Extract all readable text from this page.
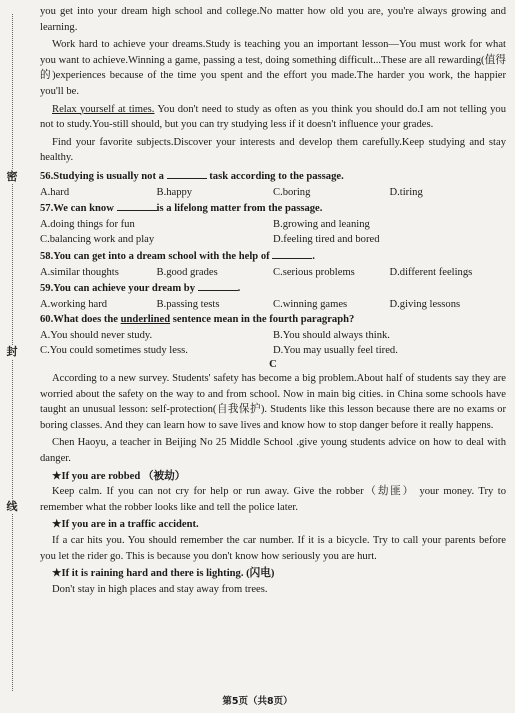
密
封
线

you get into your dream high school and college.No matter how old you are, you're always growing and learning.

Work hard to achieve your dreams.Study is teaching you an important lesson—You must work for what you want to achieve.Winning a game, passing a test, doing something difficult...These are all rewarding(值得的)experiences because of the time you spent and the effort you made.The harder you work, the happier you'll be.

Relax yourself at times. You don't need to study as often as you think you should do.I am not telling you not to study.You-still should, but you can try studying less if it doesn't influence your grades.

Find your favorite subjects.Discover your interests and develop them carefully.Keep studying and stay healthy.

56.Studying is usually not a	task according to the passage.

A.hard	B.happy	C.boring	D.tiring

57.We can know	is a lifelong matter from the passage.

A.doing things for fun	B.growing and leaning
C.balancing work and play	D.feeling tired and bored

58.You can get into a dream school with the help of	.

A.similar thoughts	B.good grades	C.serious problems	D.different feelings

59.You can achieve your dream by	.

A.working hard	B.passing tests	C.winning games	D.giving lessons

60.What does the underlined sentence mean in the fourth paragraph?

A.You should never study.	B.You should always think.
C.You could sometimes study less.	D.You may usually feel tired.

C

According to a new survey. Students' safety has become a big problem.About half of students say they are worried about the safety on the way to and from school. Now in main big cities. in China some schools have taught an unusual lesson: self-protection(自我保护). Students like this lesson because there are no exams or boring classes. And they can learn how to save lives and know how to stop danger before it really happens.

Chen Haoyu, a teacher in Beijing No 25 Middle School .give young students advice on how to deal with danger.

★If you are robbed （被劫）

Keep calm. If you can not cry for help or run away. Give the robber（劫匪） your money. Try to remember what the robber looks like and tell the police later.

★If you are in a traffic accident.

If a car hits you. You should remember the car number. If it is a bicycle. Try to call your parents before you let the rider go. This is because you don't know how seriously you are hurt.

★If it is raining hard and there is lighting. (闪电)

Don't stay in high places and stay away from trees.

第5页（共8页）
